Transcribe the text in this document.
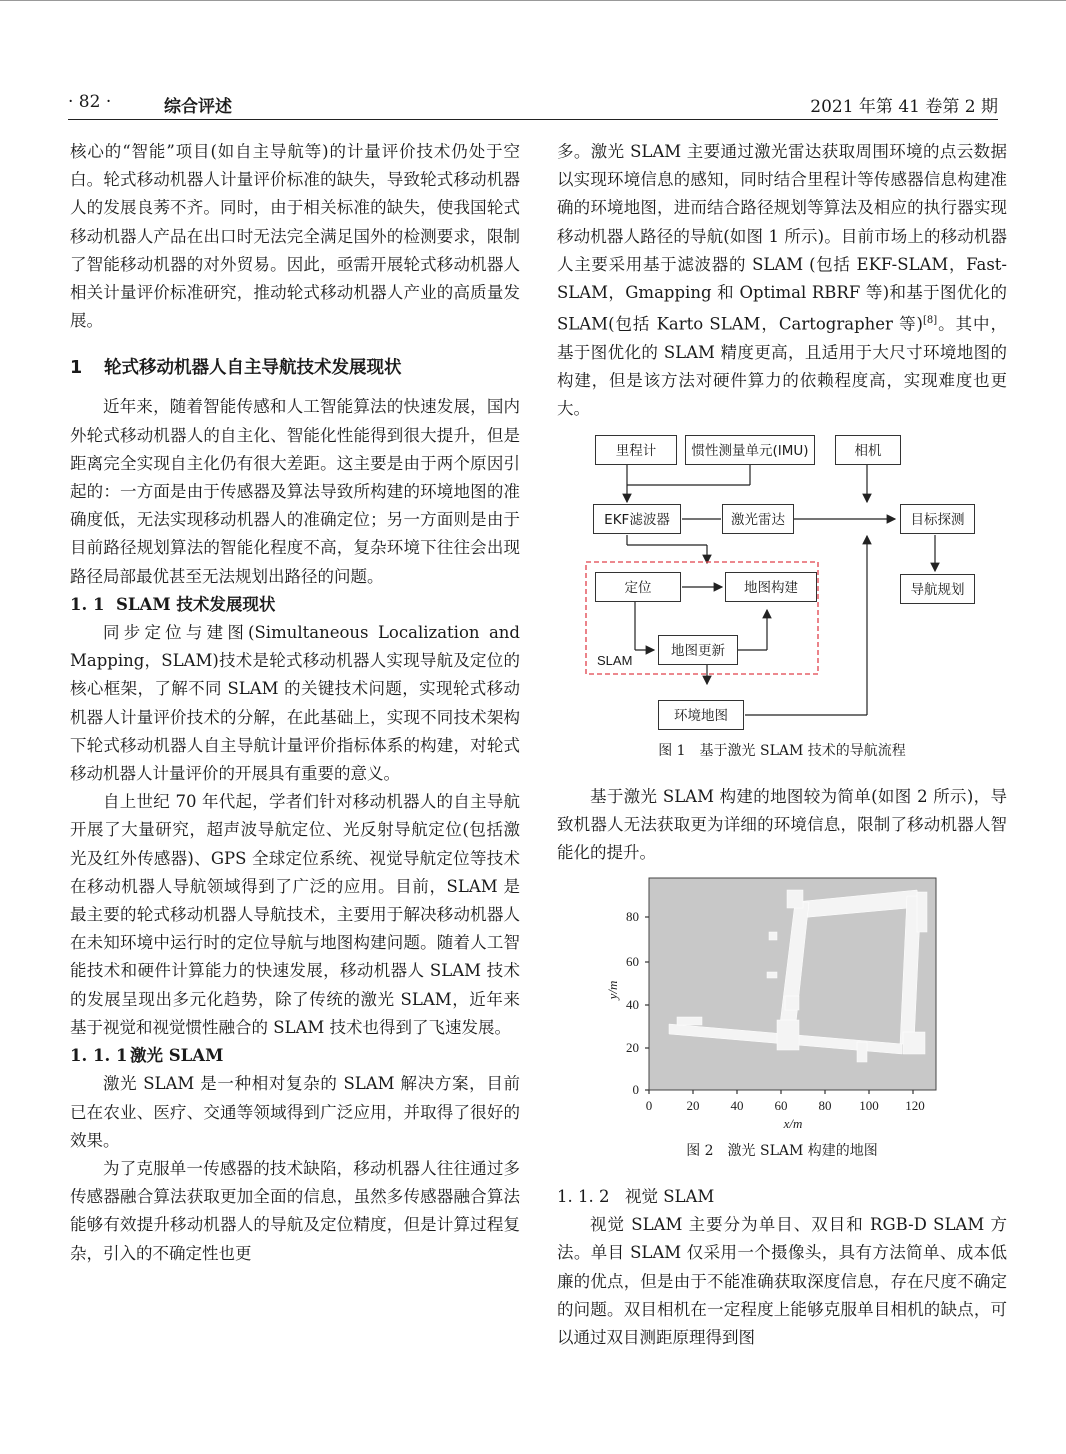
· 82 ·	综合评述	2021 年第 41 卷第 2 期

核心的“智能”项目(如自主导航等)的计量评价技术仍处于空白。轮式移动机器人计量评价标准的缺失，导致轮式移动机器人的发展良莠不齐。同时，由于相关标准的缺失，使我国轮式移动机器人产品在出口时无法完全满足国外的检测要求，限制了智能移动机器的对外贸易。因此，亟需开展轮式移动机器人相关计量评价标准研究，推动轮式移动机器人产业的高质量发展。

1 轮式移动机器人自主导航技术发展现状

近年来，随着智能传感和人工智能算法的快速发展，国内外轮式移动机器人的自主化、智能化性能得到很大提升，但是距离完全实现自主化仍有很大差距。这主要是由于两个原因引起的：一方面是由于传感器及算法导致所构建的环境地图的准确度低，无法实现移动机器人的准确定位；另一方面则是由于目前路径规划算法的智能化程度不高，复杂环境下往往会出现路径局部最优甚至无法规划出路径的问题。

1. 1 SLAM 技术发展现状

同步定位与建图(Simultaneous Localization and Mapping，SLAM)技术是轮式移动机器人实现导航及定位的核心框架，了解不同 SLAM 的关键技术问题，实现轮式移动机器人计量评价技术的分解，在此基础上，实现不同技术架构下轮式移动机器人自主导航计量评价指标体系的构建，对轮式移动机器人计量评价的开展具有重要的意义。

自上世纪 70 年代起，学者们针对移动机器人的自主导航开展了大量研究，超声波导航定位、光反射导航定位(包括激光及红外传感器)、GPS 全球定位系统、视觉导航定位等技术在移动机器人导航领域得到了广泛的应用。目前，SLAM 是最主要的轮式移动机器人导航技术，主要用于解决移动机器人在未知环境中运行时的定位导航与地图构建问题。随着人工智能技术和硬件计算能力的快速发展，移动机器人 SLAM 技术的发展呈现出多元化趋势，除了传统的激光 SLAM，近年来基于视觉和视觉惯性融合的 SLAM 技术也得到了飞速发展。

1. 1. 1 激光 SLAM

激光 SLAM 是一种相对复杂的 SLAM 解决方案，目前已在农业、医疗、交通等领域得到广泛应用，并取得了很好的效果。

为了克服单一传感器的技术缺陷，移动机器人往往通过多传感器融合算法获取更加全面的信息，虽然多传感器融合算法能够有效提升移动机器人的导航及定位精度，但是计算过程复杂，引入的不确定性也更

多。激光 SLAM 主要通过激光雷达获取周围环境的点云数据以实现环境信息的感知，同时结合里程计等传感器信息构建准确的环境地图，进而结合路径规划等算法及相应的执行器实现移动机器人路径的导航(如图 1 所示)。目前市场上的移动机器人主要采用基于滤波器的 SLAM (包括 EKF-SLAM，Fast-SLAM，Gmapping 和 Optimal RBRF 等)和基于图优化的 SLAM(包括 Karto SLAM，Cartographer 等)[8]。其中，基于图优化的 SLAM 精度更高，且适用于大尺寸环境地图的构建，但是该方法对硬件算力的依赖程度高，实现难度也更大。

里程计	惯性测量单元(IMU)	相机
EKF滤波器	激光雷达	目标探测
定位	地图构建	导航规划
地图更新
环境地图
SLAM
图 1　基于激光 SLAM 技术的导航流程

基于激光 SLAM 构建的地图较为简单(如图 2 所示)，导致机器人无法获取更为详细的环境信息，限制了移动机器人智能化的提升。

0	20 40 60 80 100 120
0
20
40
60
80
x/m
y/m
图 2　激光 SLAM 构建的地图
1. 1. 2 视觉 SLAM

视觉 SLAM 主要分为单目、双目和 RGB-D SLAM 方法。单目 SLAM 仅采用一个摄像头，具有方法简单、成本低廉的优点，但是由于不能准确获取深度信息，存在尺度不确定的问题。双目相机在一定程度上能够克服单目相机的缺点，可以通过双目测距原理得到图
